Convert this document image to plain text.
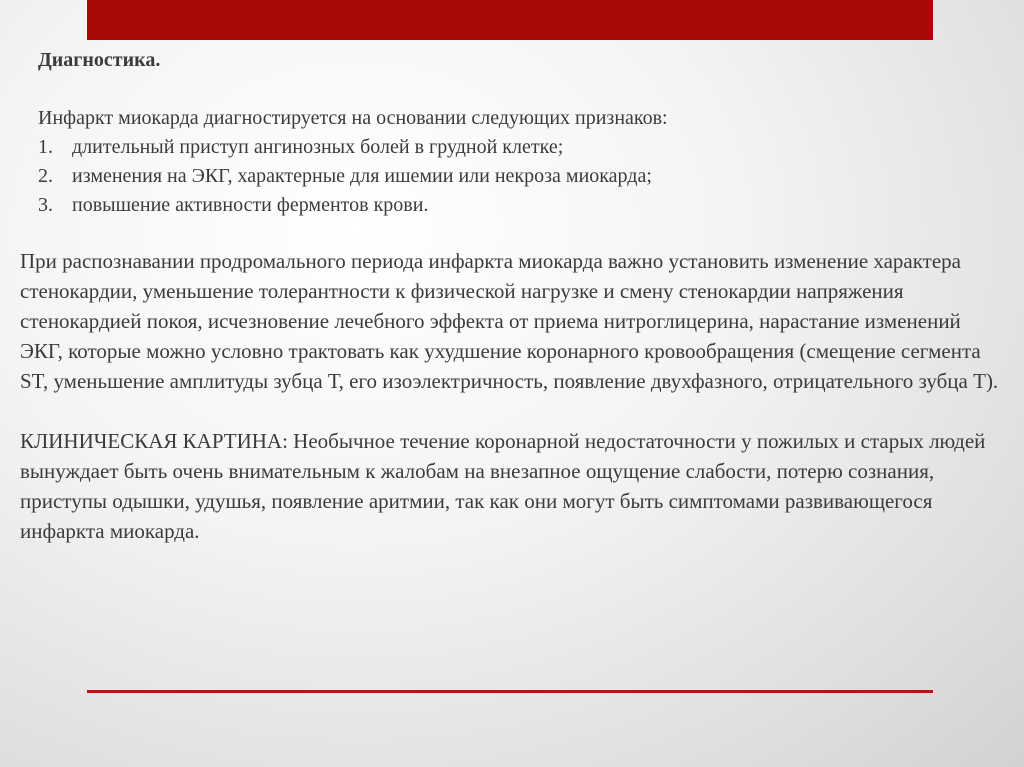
Диагностика.

Инфаркт миокарда диагностируется на основании следующих признаков:

1. длительный приступ ангинозных болей в грудной клетке;
2. изменения на ЭКГ, характерные для ишемии или некроза миокарда;
3. повышение активности ферментов крови.

При распознавании продромального периода инфаркта миокарда важно установить изменение характера стенокардии, уменьшение толерантности к физической нагрузке и смену стенокардии напряжения стенокардией покоя, исчезновение лечебного эффекта от приема нитроглицерина, нарастание изменений ЭКГ, которые можно условно трактовать как ухудшение коронарного кровообращения (смещение сегмента ST, уменьшение амплитуды зубца Т, его изоэлектричность, появление двухфазного, отрицательного зубца Т).

КЛИНИЧЕСКАЯ КАРТИНА: Необычное течение коронарной недостаточности у пожилых и старых людей вынуждает быть очень внимательным к жалобам на внезапное ощущение слабости, потерю сознания, приступы одышки, удушья, появление аритмии, так как они могут быть симптомами развивающегося инфаркта миокарда.
